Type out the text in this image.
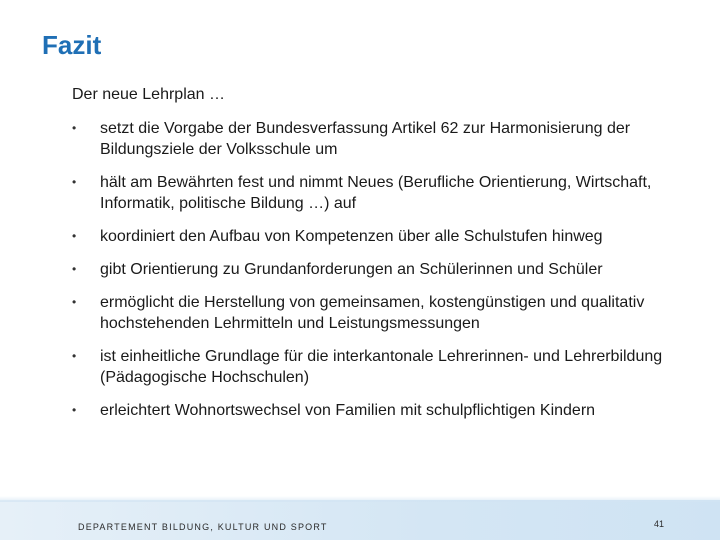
Fazit
Der neue Lehrplan …
• setzt die Vorgabe der Bundesverfassung Artikel 62 zur Harmonisierung der Bildungsziele der Volksschule um
• hält am Bewährten fest und nimmt Neues (Berufliche Orientierung, Wirtschaft, Informatik, politische Bildung …) auf
• koordiniert den Aufbau von Kompetenzen über alle Schulstufen hinweg
• gibt Orientierung zu Grundanforderungen an Schülerinnen und Schüler
• ermöglicht die Herstellung von gemeinsamen, kostengünstigen und qualitativ hochstehenden Lehrmitteln und Leistungsmessungen
• ist einheitliche Grundlage für die interkantonale Lehrerinnen- und Lehrerbildung (Pädagogische Hochschulen)
• erleichtert Wohnortswechsel von Familien mit schulpflichtigen Kindern
DEPARTEMENT BILDUNG, KULTUR UND SPORT	41
